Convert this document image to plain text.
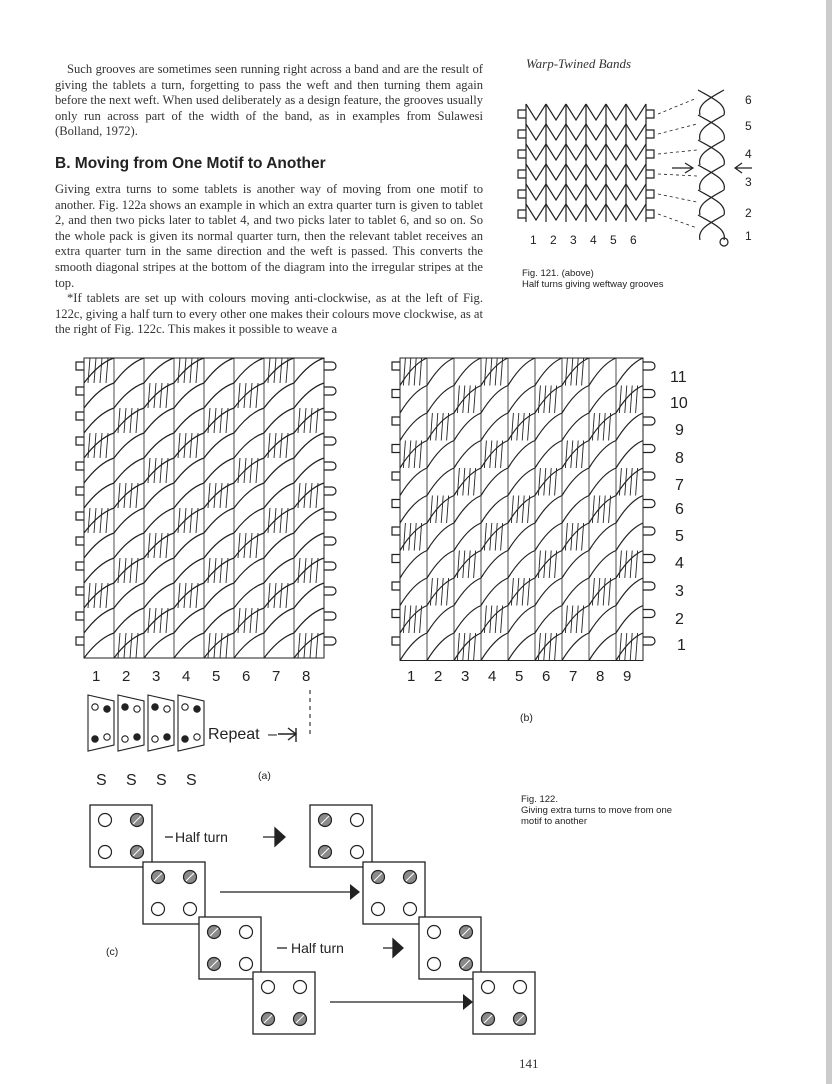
Warp-Twined Bands

Such grooves are sometimes seen running right across a band and are the result of giving the tablets a turn, forgetting to pass the weft and then turning them again before the next weft. When used deliberately as a design feature, the grooves usually only run across part of the width of the band, as in examples from Sulawesi (Bolland, 1972).

B. Moving from One Motif to Another

Giving extra turns to some tablets is another way of moving from one motif to another. Fig. 122a shows an example in which an extra quarter turn is given to tablet 2, and then two picks later to tablet 4, and two picks later to tablet 6, and so on. So the whole pack is given its normal quarter turn, then the relevant tablet receives an extra quarter turn in the same direction and the weft is passed. This converts the smooth diagonal stripes at the bottom of the diagram into the irregular stripes at the top.

*If tablets are set up with colours moving anti-clockwise, as at the left of Fig. 122c, giving a half turn to every other one makes their colours move clockwise, as at the right of Fig. 122c. This makes it possible to weave a

1 2 3 4 5 6
6
5
4
3
2
1
Fig. 121. (above)
Half turns giving weftway grooves
1 2 3 4 5 6 7 8
Repeat –
S S S S	(a)
1 2 3 4 5 6 7 8 9
11
10
9
8
7
6
5
4
3
2
1
(b)
Fig. 122.
Giving extra turns to move from one
motif to another
Half turn
Half turn
(c)
141
